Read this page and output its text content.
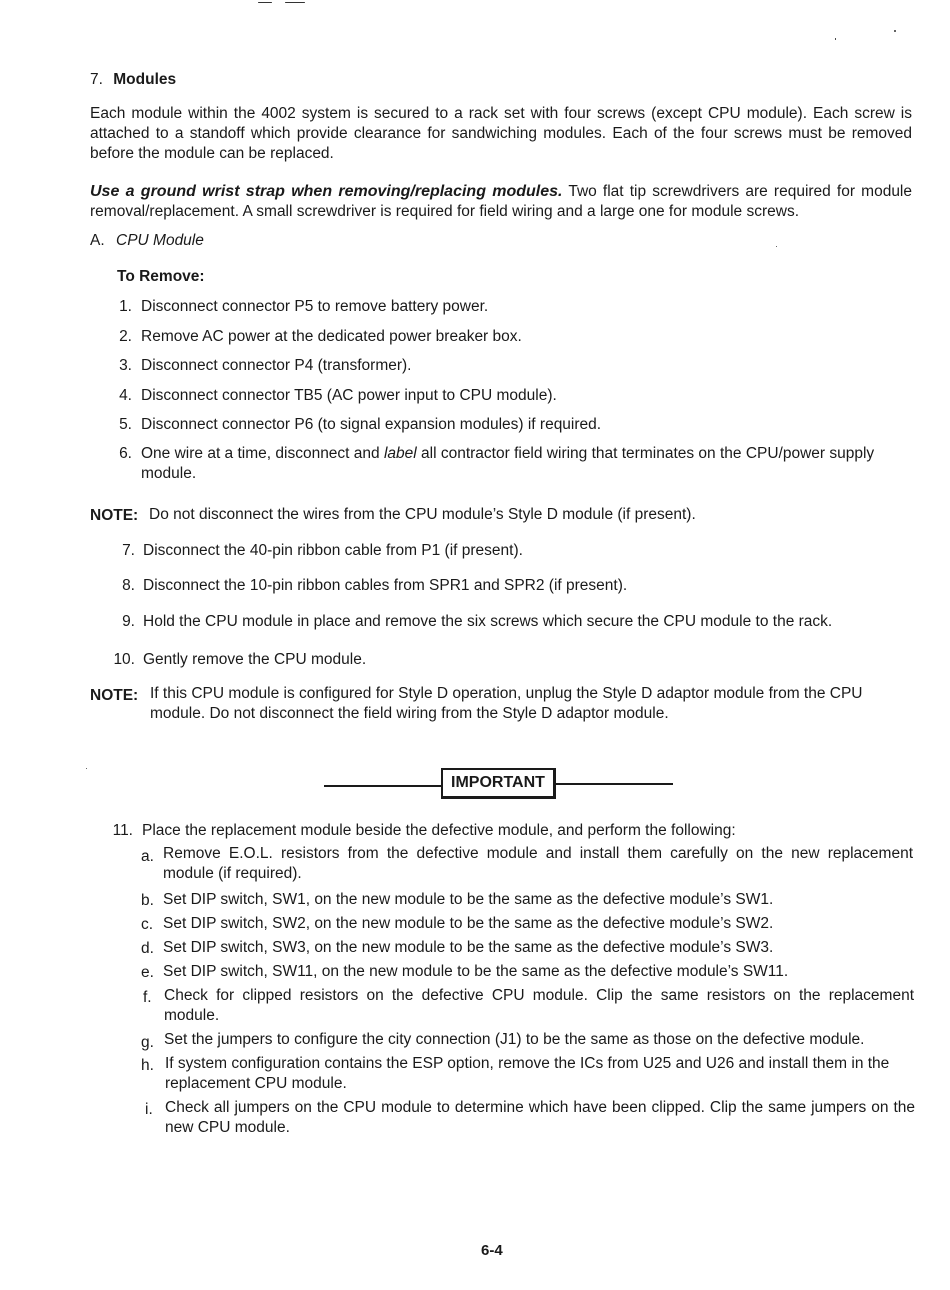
7. Modules
Each module within the 4002 system is secured to a rack set with four screws (except CPU module). Each screw is attached to a standoff which provide clearance for sandwiching modules. Each of the four screws must be removed before the module can be replaced.
Use a ground wrist strap when removing/replacing modules. Two flat tip screwdrivers are required for module removal/replacement. A small screwdriver is required for field wiring and a large one for module screws.
A. CPU Module
To Remove:
1. Disconnect connector P5 to remove battery power.
2. Remove AC power at the dedicated power breaker box.
3. Disconnect connector P4 (transformer).
4. Disconnect connector TB5 (AC power input to CPU module).
5. Disconnect connector P6 (to signal expansion modules) if required.
6. One wire at a time, disconnect and label all contractor field wiring that terminates on the CPU/power supply module.
NOTE: Do not disconnect the wires from the CPU module’s Style D module (if present).
7. Disconnect the 40-pin ribbon cable from P1 (if present).
8. Disconnect the 10-pin ribbon cables from SPR1 and SPR2 (if present).
9. Hold the CPU module in place and remove the six screws which secure the CPU module to the rack.
10. Gently remove the CPU module.
NOTE: If this CPU module is configured for Style D operation, unplug the Style D adaptor module from the CPU module. Do not disconnect the field wiring from the Style D adaptor module.
IMPORTANT
11. Place the replacement module beside the defective module, and perform the following:
a. Remove E.O.L. resistors from the defective module and install them carefully on the new replacement module (if required).
b. Set DIP switch, SW1, on the new module to be the same as the defective module’s SW1.
c. Set DIP switch, SW2, on the new module to be the same as the defective module’s SW2.
d. Set DIP switch, SW3, on the new module to be the same as the defective module’s SW3.
e. Set DIP switch, SW11, on the new module to be the same as the defective module’s SW11.
f. Check for clipped resistors on the defective CPU module. Clip the same resistors on the replacement module.
g. Set the jumpers to configure the city connection (J1) to be the same as those on the defective module.
h. If system configuration contains the ESP option, remove the ICs from U25 and U26 and install them in the replacement CPU module.
i. Check all jumpers on the CPU module to determine which have been clipped. Clip the same jumpers on the new CPU module.
6-4
